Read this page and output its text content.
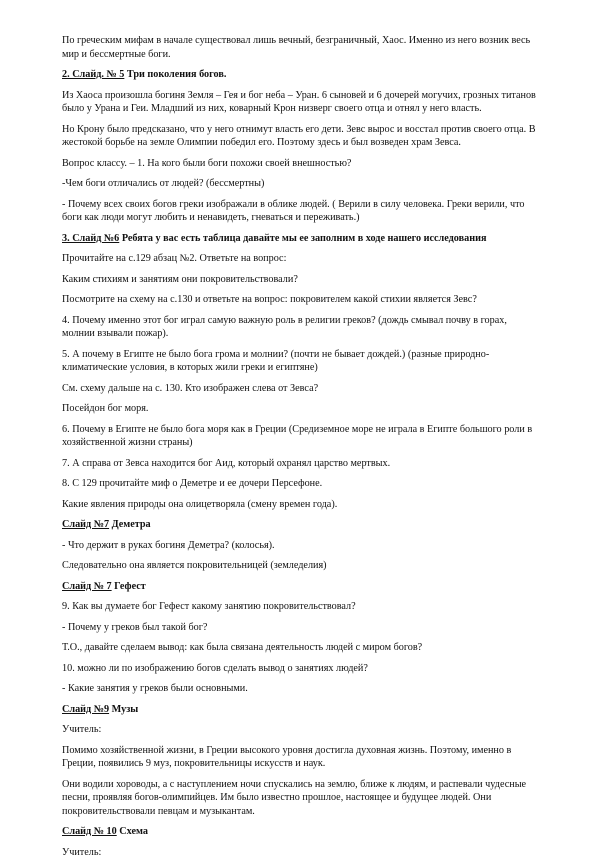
По греческим мифам в начале существовал лишь вечный, безграничный, Хаос. Именно из него возник весь мир и бессмертные боги.

2. Слайд. № 5 Три поколения богов.

Из Хаоса произошла богиня Земля – Гея и бог неба – Уран. 6 сыновей и 6 дочерей могучих, грозных титанов было у Урана и Геи. Младший из них, коварный Крон низверг своего отца и отнял у него власть.

Но Крону было предсказано, что у него отнимут власть его дети. Зевс вырос и восстал против своего отца. В жестокой борьбе на земле Олимпии победил его. Поэтому здесь и был возведен храм Зевса.

Вопрос классу. – 1. На кого были боги похожи своей внешностью?

-Чем боги отличались от людей? (бессмертны)

- Почему всех своих богов греки изображали в облике людей. ( Верили в силу человека. Греки верили, что боги как люди могут любить и ненавидеть, гневаться и переживать.)

3. Слайд №6 Ребята у вас есть таблица давайте мы ее заполним в ходе нашего исследования

Прочитайте на с.129 абзац №2. Ответьте на вопрос:

Каким стихиям и занятиям они покровительствовали?

Посмотрите на схему на с.130 и ответьте на вопрос: покровителем какой стихии является Зевс?

4. Почему именно этот бог играл самую важную роль в религии греков? (дождь смывал почву в горах, молнии взывали пожар).

5. А почему в Египте не было бога грома и молнии? (почти не бывает дождей.) (разные природно-климатические условия, в которых жили греки и египтяне)

См. схему дальше на с. 130. Кто изображен слева от Зевса?

Посейдон бог моря.

6. Почему в Египте не было бога моря как в Греции (Средиземное море не играла в Египте большого роли в хозяйственной жизни страны)

7. А справа от Зевса находится бог Аид, который охранял царство мертвых.

8. С 129 прочитайте миф о Деметре и ее дочери Персефоне.

Какие явления природы она олицетворяла (смену времен года).

Слайд №7 Деметра

- Что держит в руках богиня Деметра? (колосья).

Следовательно она является покровительницей (земледелия)

Слайд № 7 Гефест

9. Как вы думаете бог Гефест какому занятию покровительствовал?

- Почему у греков был такой бог?

Т.О., давайте сделаем вывод: как была связана деятельность людей с миром богов?

10. можно ли по изображению богов сделать вывод о занятиях людей?

- Какие занятия у греков были основными.

Слайд №9 Музы

Учитель:

Помимо хозяйственной жизни, в Греции высокого уровня достигла духовная жизнь. Поэтому, именно в Греции, появились 9 муз, покровительницы искусств и наук.

Они водили хороводы, а с наступлением ночи спускались на землю, ближе к людям, и распевали чудесные песни, проявляя богов-олимпийцев. Им было известно прошлое, настоящее и будущее людей. Они покровительствовали певцам и музыкантам.

Слайд № 10 Схема

Учитель:
